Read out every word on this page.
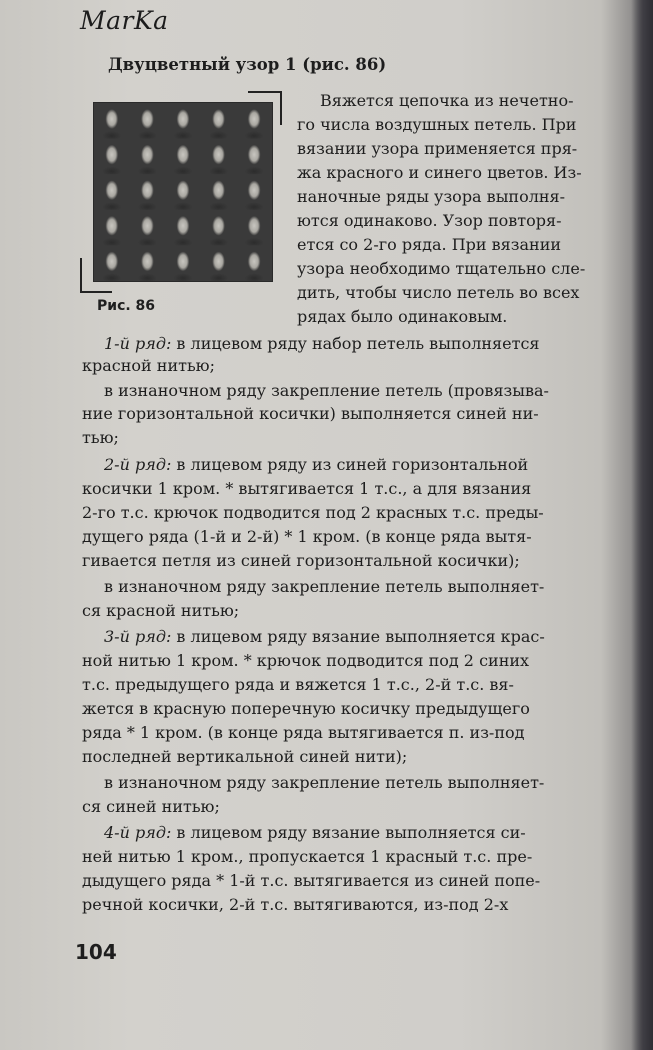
MarKa
Двуцветный узор 1 (рис. 86)
Рис. 86
Вяжется цепочка из нечетно-
го числа воздушных петель. При
вязании узора применяется пря-
жа красного и синего цветов. Из-
наночные ряды узора выполня-
ются одинаково. Узор повторя-
ется со 2-го ряда. При вязании
узора необходимо тщательно сле-
дить, чтобы число петель во всех
рядах было одинаковым.
1-й ряд: в лицевом ряду набор петель выполняется
красной нитью;
в изнаночном ряду закрепление петель (провязыва-
ние горизонтальной косички) выполняется синей ни-
тью;
2-й ряд: в лицевом ряду из синей горизонтальной
косички 1 кром. * вытягивается 1 т.с., а для вязания
2-го т.с. крючок подводится под 2 красных т.с. преды-
дущего ряда (1-й и 2-й) * 1 кром. (в конце ряда вытя-
гивается петля из синей горизонтальной косички);
в изнаночном ряду закрепление петель выполняет-
ся красной нитью;
3-й ряд: в лицевом ряду вязание выполняется крас-
ной нитью 1 кром. * крючок подводится под 2 синих
т.с. предыдущего ряда и вяжется 1 т.с., 2-й т.с. вя-
жется в красную поперечную косичку предыдущего
ряда * 1 кром. (в конце ряда вытягивается п. из-под
последней вертикальной синей нити);
в изнаночном ряду закрепление петель выполняет-
ся синей нитью;
4-й ряд: в лицевом ряду вязание выполняется си-
ней нитью 1 кром., пропускается 1 красный т.с. пре-
дыдущего ряда * 1-й т.с. вытягивается из синей попе-
речной косички, 2-й т.с. вытягиваются, из-под 2-х
104
